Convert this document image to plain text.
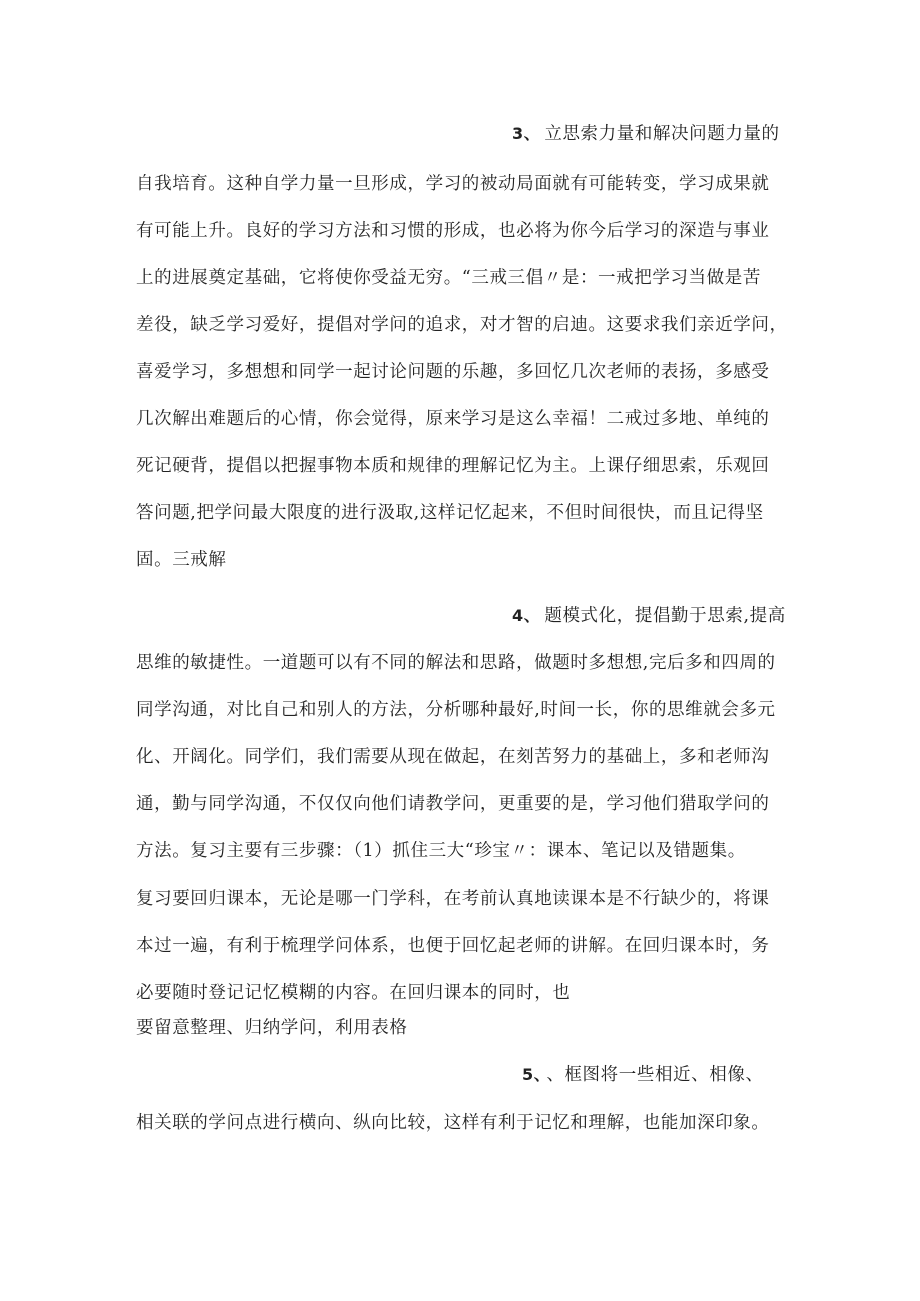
3、 立思索力量和解决问题力量的
自我培育。这种自学力量一旦形成，学习的被动局面就有可能转变，学习成果就
有可能上升。良好的学习方法和习惯的形成，也必将为你今后学习的深造与事业
上的进展奠定基础，它将使你受益无穷。“三戒三倡〃是：一戒把学习当做是苦
差役，缺乏学习爱好，提倡对学问的追求，对才智的启迪。这要求我们亲近学问，
喜爱学习，多想想和同学一起讨论问题的乐趣，多回忆几次老师的表扬，多感受
几次解出难题后的心情，你会觉得，原来学习是这么幸福！二戒过多地、单纯的
死记硬背，提倡以把握事物本质和规律的理解记忆为主。上课仔细思索，乐观回
答问题,把学问最大限度的进行汲取,这样记忆起来，不但时间很快，而且记得坚
固。三戒解
4、 题模式化，提倡勤于思索,提高
思维的敏捷性。一道题可以有不同的解法和思路，做题时多想想,完后多和四周的
同学沟通，对比自己和别人的方法，分析哪种最好,时间一长，你的思维就会多元
化、开阔化。同学们，我们需要从现在做起，在刻苦努力的基础上，多和老师沟
通，勤与同学沟通，不仅仅向他们请教学问，更重要的是，学习他们猎取学问的
方法。复习主要有三步骤：（1）抓住三大“珍宝〃：课本、笔记以及错题集。
复习要回归课本，无论是哪一门学科，在考前认真地读课本是不行缺少的，将课
本过一遍，有利于梳理学问体系，也便于回忆起老师的讲解。在回归课本时，务
必要随时登记记忆模糊的内容。在回归课本的同时，也
要留意整理、归纳学问，利用表格
5、 、框图将一些相近、相像、
相关联的学问点进行横向、纵向比较，这样有利于记忆和理解，也能加深印象。
